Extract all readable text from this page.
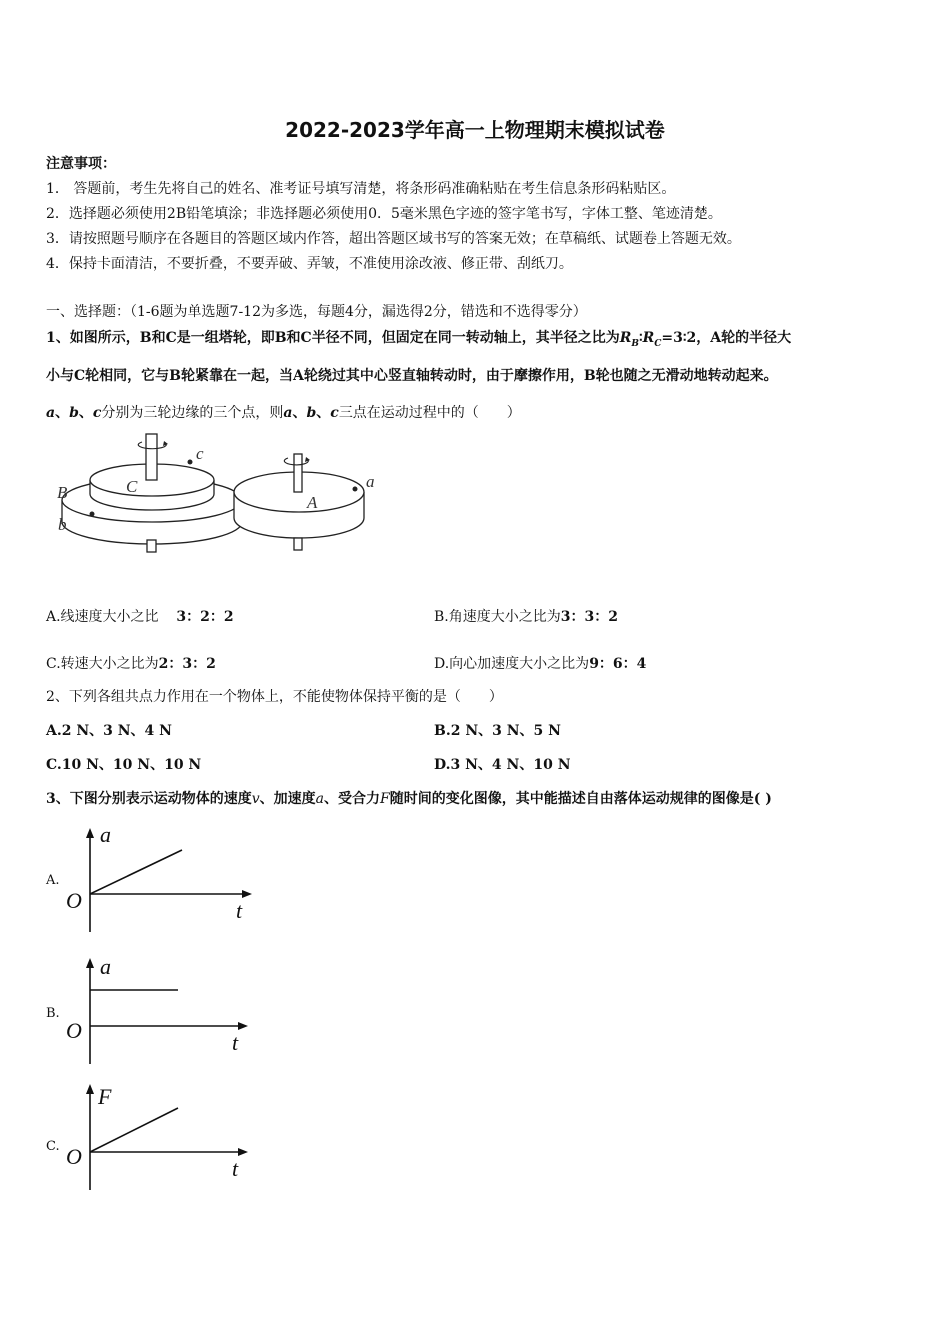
2022-2023学年高一上物理期末模拟试卷
注意事项：
1． 答题前，考生先将自己的姓名、准考证号填写清楚，将条形码准确粘贴在考生信息条形码粘贴区。
2．选择题必须使用2B铅笔填涂；非选择题必须使用0．5毫米黑色字迹的签字笔书写，字体工整、笔迹清楚。
3．请按照题号顺序在各题目的答题区域内作答，超出答题区域书写的答案无效；在草稿纸、试题卷上答题无效。
4．保持卡面清洁，不要折叠，不要弄破、弄皱，不准使用涂改液、修正带、刮纸刀。
一、选择题：（1-6题为单选题7-12为多选，每题4分，漏选得2分，错选和不选得零分）
1、如图所示，B和C是一组塔轮，即B和C半径不同，但固定在同一转动轴上，其半径之比为$R_B∶R_C=3∶2$，A轮的半径大
小与C轮相同，它与B轮紧靠在一起，当A轮绕过其中心竖直轴转动时，由于摩擦作用，B轮也随之无滑动地转动起来。
a、b、c分别为三轮边缘的三个点，则a、b、c三点在运动过程中的（　　）
c
C
B
b
A
a
A.线速度大小之比 3：2：2	B.角速度大小之比为3：3：2
C.转速大小之比为2：3：2	D.向心加速度大小之比为9：6：4
2、下列各组共点力作用在一个物体上，不能使物体保持平衡的是（　　）
A.2 N、3 N、4 N	B.2 N、3 N、5 N
C.10 N、10 N、10 N	D.3 N、4 N、10 N
3、下图分别表示运动物体的速度v、加速度a、受合力F随时间的变化图像，其中能描述自由落体运动规律的图像是( )
A.
a
O	t
B.
a
O	t
C.
F
O	t
